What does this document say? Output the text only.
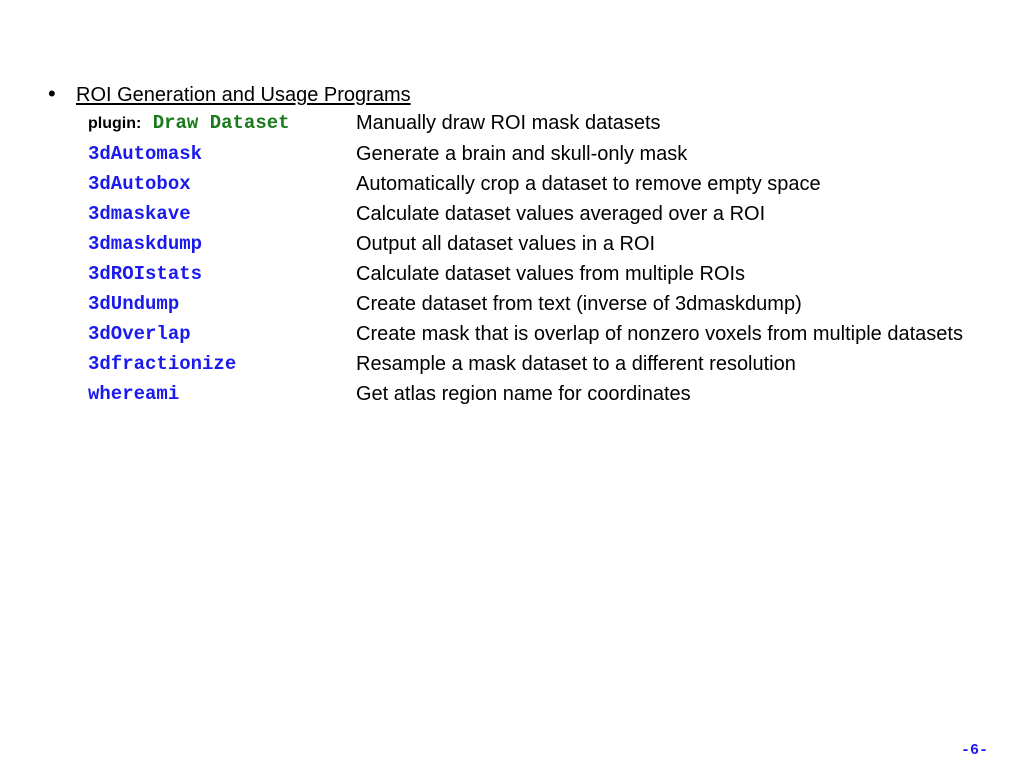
•	ROI Generation and Usage Programs
plugin: Draw Dataset	Manually draw ROI mask datasets
3dAutomask	Generate a brain and skull-only mask
3dAutobox	Automatically crop a dataset to remove empty space
3dmaskave	Calculate dataset values averaged over a ROI
3dmaskdump	Output all dataset values in a ROI
3dROIstats	Calculate dataset values from multiple ROIs
3dUndump	Create dataset from text (inverse of 3dmaskdump)
3dOverlap	Create mask that is overlap of nonzero voxels from multiple datasets
3dfractionize	Resample a mask dataset to a different resolution
whereami	Get atlas region name for coordinates
-6-
